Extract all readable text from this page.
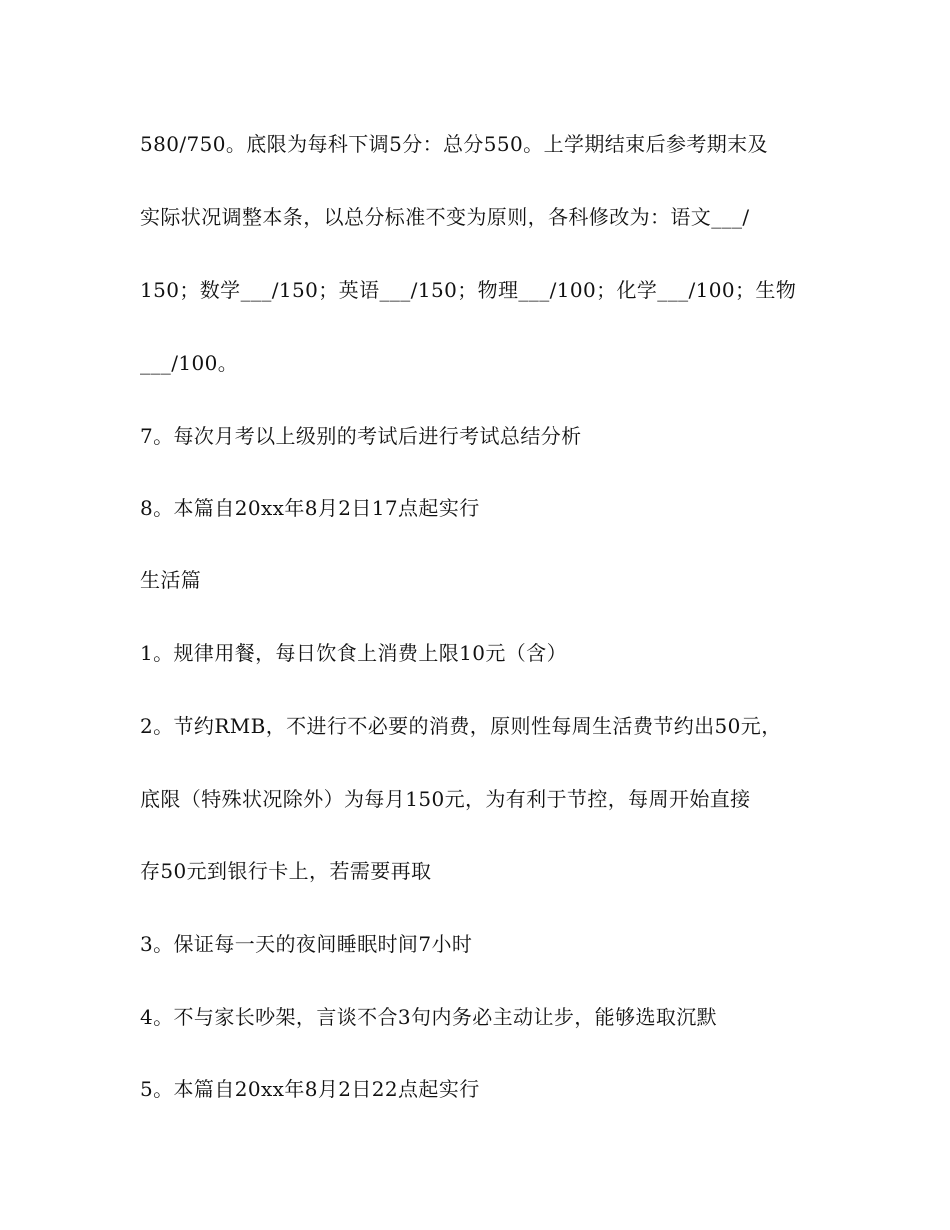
580/750。底限为每科下调5分：总分550。上学期结束后参考期末及
实际状况调整本条，以总分标准不变为原则，各科修改为：语文___/
150；数学___/150；英语___/150；物理___/100；化学___/100；生物
___/100。
7。每次月考以上级别的考试后进行考试总结分析
8。本篇自20xx年8月2日17点起实行
生活篇
1。规律用餐，每日饮食上消费上限10元（含）
2。节约RMB，不进行不必要的消费，原则性每周生活费节约出50元，
底限（特殊状况除外）为每月150元，为有利于节控，每周开始直接
存50元到银行卡上，若需要再取
3。保证每一天的夜间睡眠时间7小时
4。不与家长吵架，言谈不合3句内务必主动让步，能够选取沉默
5。本篇自20xx年8月2日22点起实行
